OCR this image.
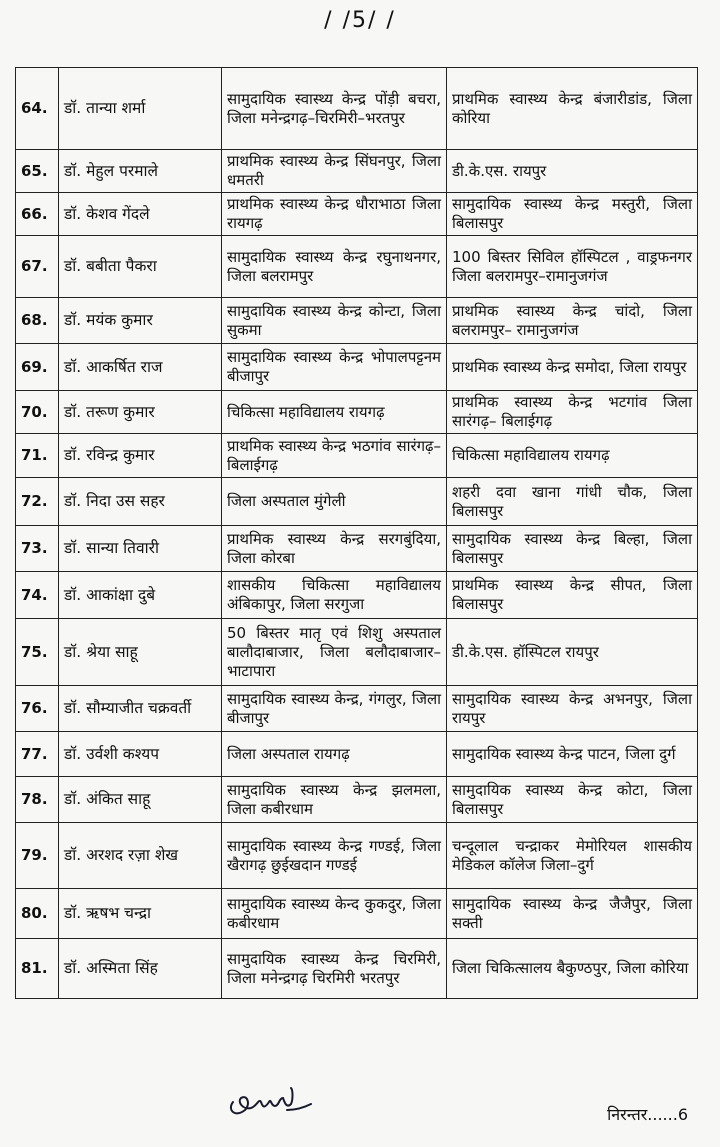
/ /5/ /
64.	डॉ. तान्या शर्मा	सामुदायिक स्वास्थ्य केन्द्र पोंड़ी बचरा, जिला मनेन्द्रगढ़–चिरमिरी–भरतपुर	प्राथमिक स्वास्थ्य केन्द्र बंजारीडांड, जिला कोरिया
65.	डॉ. मेहुल परमाले	प्राथमिक स्वास्थ्य केन्द्र सिंघनपुर, जिला धमतरी	डी.के.एस. रायपुर
66.	डॉ. केशव गेंदले	प्राथमिक स्वास्थ्य केन्द्र धौराभाठा जिला रायगढ़	सामुदायिक स्वास्थ्य केन्द्र मस्तुरी, जिला बिलासपुर
67.	डॉ. बबीता पैकरा	सामुदायिक स्वास्थ्य केन्द्र रघुनाथनगर, जिला बलरामपुर	100 बिस्तर सिविल हॉस्पिटल , वाड्रफनगर जिला बलरामपुर–रामानुजगंज
68.	डॉ. मयंक कुमार	सामुदायिक स्वास्थ्य केन्द्र कोन्टा, जिला सुकमा	प्राथमिक स्वास्थ्य केन्द्र चांदो, जिला बलरामपुर– रामानुजगंज
69.	डॉ. आकर्षित राज	सामुदायिक स्वास्थ्य केन्द्र भोपालपट्टनम बीजापुर	प्राथमिक स्वास्थ्य केन्द्र समोदा, जिला रायपुर
70.	डॉ. तरूण कुमार	चिकित्सा महाविद्यालय रायगढ़	प्राथमिक स्वास्थ्य केन्द्र भटगांव जिला सारंगढ़– बिलाईगढ़
71.	डॉ. रविन्द्र कुमार	प्राथमिक स्वास्थ्य केन्द्र भठगांव सारंगढ़– बिलाईगढ़	चिकित्सा महाविद्यालय रायगढ़
72.	डॉ. निदा उस सहर	जिला अस्पताल मुंगेली	शहरी दवा खाना गांधी चौक, जिला बिलासपुर
73.	डॉ. सान्या तिवारी	प्राथमिक स्वास्थ्य केन्द्र सरगबुंदिया, जिला कोरबा	सामुदायिक स्वास्थ्य केन्द्र बिल्हा, जिला बिलासपुर
74.	डॉ. आकांक्षा दुबे	शासकीय चिकित्सा महाविद्यालय अंबिकापुर, जिला सरगुजा	प्राथमिक स्वास्थ्य केन्द्र सीपत, जिला बिलासपुर
75.	डॉ. श्रेया साहू	50 बिस्तर मातृ एवं शिशु अस्पताल बालौदाबाजार, जिला बलौदाबाजार– भाटापारा	डी.के.एस. हॉस्पिटल रायपुर
76.	डॉ. सौम्याजीत चक्रवर्ती	सामुदायिक स्वास्थ्य केन्द्र, गंगलुर, जिला बीजापुर	सामुदायिक स्वास्थ्य केन्द्र अभनपुर, जिला रायपुर
77.	डॉ. उर्वशी कश्यप	जिला अस्पताल रायगढ़	सामुदायिक स्वास्थ्य केन्द्र पाटन, जिला दुर्ग
78.	डॉ. अंकित साहू	सामुदायिक स्वास्थ्य केन्द्र झलमला, जिला कबीरधाम	सामुदायिक स्वास्थ्य केन्द्र कोटा, जिला बिलासपुर
79.	डॉ. अरशद रज़ा शेख	सामुदायिक स्वास्थ्य केन्द्र गण्डई, जिला खैरागढ़ छुईखदान गण्डई	चन्दूलाल चन्द्राकर मेमोरियल शासकीय मेडिकल कॉलेज जिला–दुर्ग
80.	डॉ. ऋषभ चन्द्रा	सामुदायिक स्वास्थ्य केन्द कुकदुर, जिला कबीरधाम	सामुदायिक स्वास्थ्य केन्द्र जैजैपुर, जिला सक्ती
81.	डॉ. अस्मिता सिंह	सामुदायिक स्वास्थ्य केन्द्र चिरमिरी, जिला मनेन्द्रगढ़ चिरमिरी भरतपुर	जिला चिकित्सालय बैकुण्ठपुर, जिला कोरिया
निरन्तर......6
